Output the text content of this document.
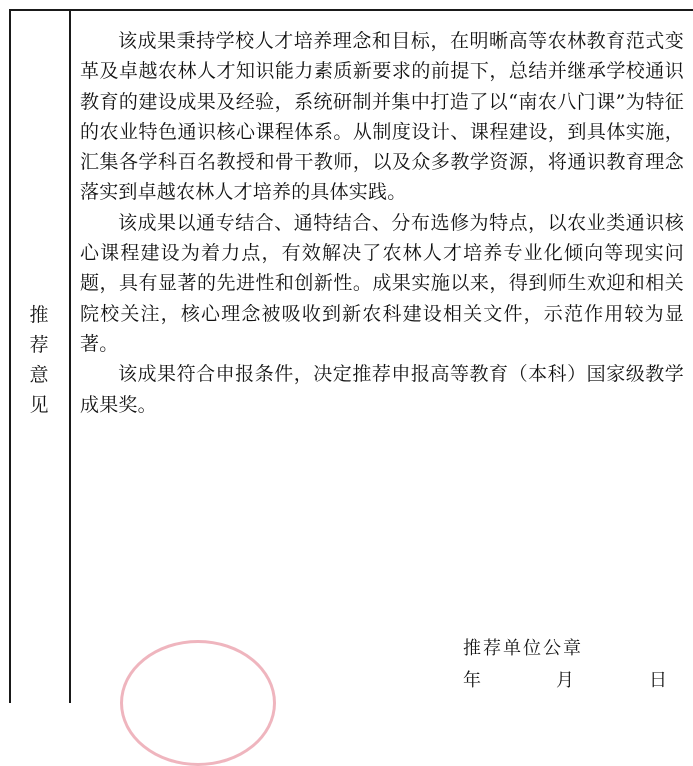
推
荐
意
见

该成果秉持学校人才培养理念和目标，在明晰高等农林教育范式变革及卓越农林人才知识能力素质新要求的前提下，总结并继承学校通识教育的建设成果及经验，系统研制并集中打造了以“南农八门课”为特征的农业特色通识核心课程体系。从制度设计、课程建设，到具体实施，汇集各学科百名教授和骨干教师，以及众多教学资源，将通识教育理念落实到卓越农林人才培养的具体实践。

该成果以通专结合、通特结合、分布选修为特点，以农业类通识核心课程建设为着力点，有效解决了农林人才培养专业化倾向等现实问题，具有显著的先进性和创新性。成果实施以来，得到师生欢迎和相关院校关注，核心理念被吸收到新农科建设相关文件，示范作用较为显著。

该成果符合申报条件，决定推荐申报高等教育（本科）国家级教学成果奖。

推荐单位公章
年	月	日
